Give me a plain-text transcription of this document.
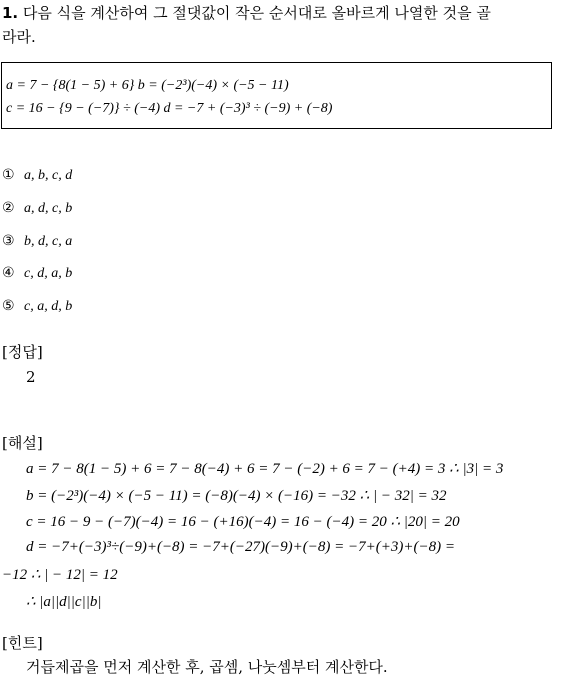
1. 다음 식을 계산하여 그 절댓값이 작은 순서대로 올바르게 나열한 것을 골
라라.
a = 7 − {8(1 − 5) + 6} b = (−2³)(−4) × (−5 − 11)
c = 16 − {9 − (−7)} ÷ (−4) d = −7 + (−3)³ ÷ (−9) + (−8)
① a, b, c, d
② a, d, c, b
③ b, d, c, a
④ c, d, a, b
⑤ c, a, d, b
[정답]
2
[해설]
a = 7 − 8(1 − 5) + 6 = 7 − 8(−4) + 6 = 7 − (−2) + 6 = 7 − (+4) = 3 ∴ |3| = 3
b = (−2³)(−4) × (−5 − 11) = (−8)(−4) × (−16) = −32 ∴ | − 32| = 32
c = 16 − 9 − (−7)(−4) = 16 − (+16)(−4) = 16 − (−4) = 20 ∴ |20| = 20
d = −7+(−3)³÷(−9)+(−8) = −7+(−27)(−9)+(−8) = −7+(+3)+(−8) =
−12 ∴ | − 12| = 12
∴ |a||d||c||b|
[힌트]
거듭제곱을 먼저 계산한 후, 곱셈, 나눗셈부터 계산한다.
